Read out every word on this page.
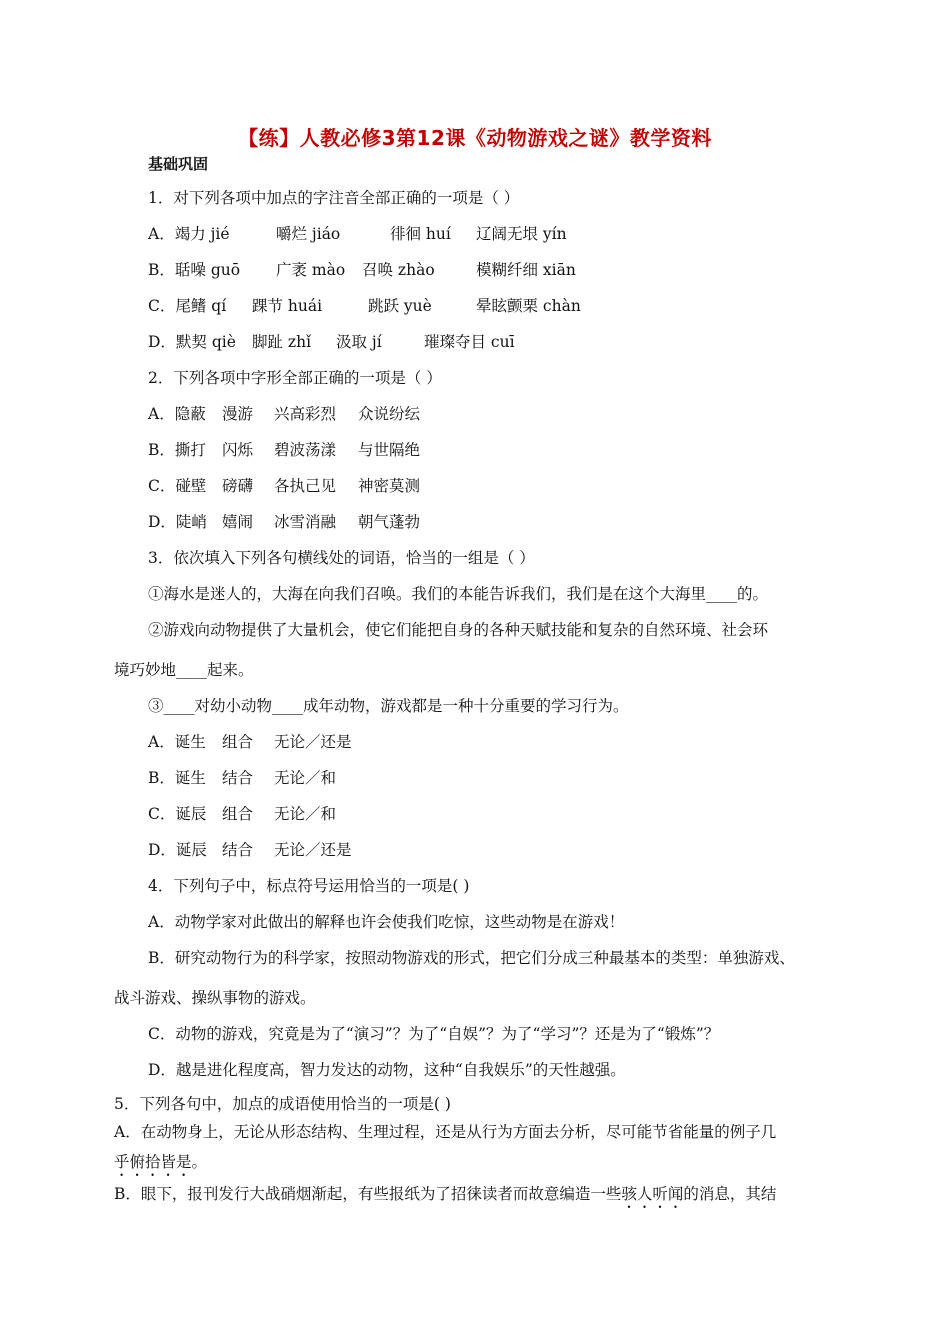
【练】人教必修3第12课《动物游戏之谜》教学资料
基础巩固
1．对下列各项中加点的字注音全部正确的一项是（ ）
A．竭力 jié	嚼烂 jiáo	徘徊 huí 辽阔无垠 yín
B．聒噪 guō 广袤 mào 召唤 zhào	模糊纤细 xiān
C．尾鳍 qí 踝节 huái	跳跃 yuè	晕眩颤栗 chàn
D．默契 qiè 脚趾 zhǐ 汲取 jí	璀璨夺目 cuī
2．下列各项中字形全部正确的一项是（ ）
A．隐蔽 漫游 兴高彩烈 众说纷纭
B．撕打 闪烁 碧波荡漾 与世隔绝
C．碰壁 磅礴 各执己见 神密莫测
D．陡峭 嬉闹 冰雪消融 朝气蓬勃
3．依次填入下列各句横线处的词语，恰当的一组是（ ）
①海水是迷人的，大海在向我们召唤。我们的本能告诉我们，我们是在这个大海里____的。
②游戏向动物提供了大量机会，使它们能把自身的各种天赋技能和复杂的自然环境、社会环
境巧妙地____起来。
③____对幼小动物____成年动物，游戏都是一种十分重要的学习行为。
A．诞生 组合 无论／还是
B．诞生 结合 无论／和
C．诞辰 组合 无论／和
D．诞辰 结合 无论／还是
4．下列句子中，标点符号运用恰当的一项是( )
A．动物学家对此做出的解释也许会使我们吃惊，这些动物是在游戏！
B．研究动物行为的科学家，按照动物游戏的形式，把它们分成三种最基本的类型：单独游戏、
战斗游戏、操纵事物的游戏。
C．动物的游戏，究竟是为了“演习”？为了“自娱”？为了“学习”？还是为了“锻炼”？
D．越是进化程度高，智力发达的动物，这种“自我娱乐”的天性越强。
5．下列各句中，加点的成语使用恰当的一项是( )
A．在动物身上，无论从形态结构、生理过程，还是从行为方面去分析，尽可能节省能量的例子几
乎俯拾皆是。
B．眼下，报刊发行大战硝烟渐起，有些报纸为了招徕读者而故意编造一些骇人听闻的消息，其结
